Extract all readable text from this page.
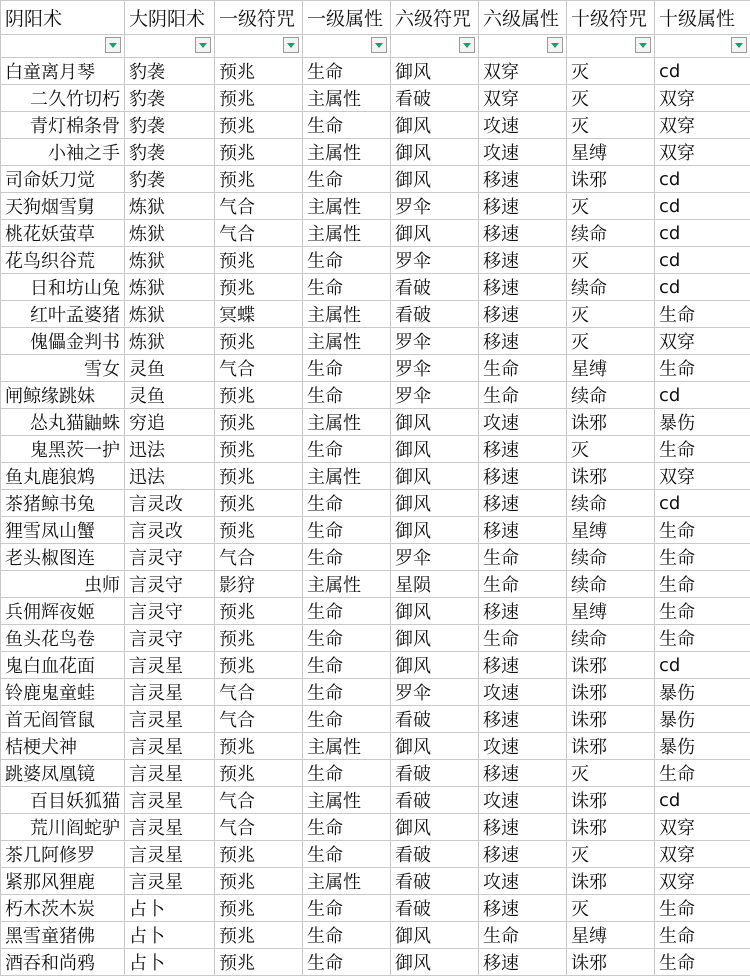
阴阳术	大阴阳术	一级符咒	一级属性	六级符咒	六级属性	十级符咒	十级属性

白童离月琴	豹袭	预兆	生命	御风	双穿	灭	cd
二久竹切朽	豹袭	预兆	主属性	看破	双穿	灭	双穿
青灯棉条骨	豹袭	预兆	生命	御风	攻速	灭	双穿
小袖之手	豹袭	预兆	主属性	御风	攻速	星缚	双穿
司命妖刀觉	豹袭	预兆	生命	御风	移速	诛邪	cd
天狗烟雪舅	炼狱	气合	主属性	罗伞	移速	灭	cd
桃花妖萤草	炼狱	气合	主属性	御风	移速	续命	cd
花鸟织谷荒	炼狱	预兆	生命	罗伞	移速	灭	cd
日和坊山兔	炼狱	预兆	生命	看破	移速	续命	cd
红叶孟婆猪	炼狱	冥蝶	主属性	看破	移速	灭	生命
傀儡金判书	炼狱	预兆	主属性	罗伞	移速	灭	双穿
雪女	灵鱼	气合	生命	罗伞	生命	星缚	生命
闸鲸缘跳妹	灵鱼	预兆	生命	罗伞	生命	续命	cd
怂丸猫鼬蛛	穷追	预兆	主属性	御风	攻速	诛邪	暴伤
鬼黑茨一护	迅法	预兆	生命	御风	移速	灭	生命
鱼丸鹿狼鸩	迅法	预兆	主属性	御风	移速	诛邪	双穿
茶猪鲸书兔	言灵改	预兆	生命	御风	移速	续命	cd
狸雪凤山蟹	言灵改	预兆	生命	御风	移速	星缚	生命
老头椒图连	言灵守	气合	生命	罗伞	生命	续命	生命
虫师	言灵守	影狩	主属性	星陨	生命	续命	生命
兵佣辉夜姬	言灵守	预兆	生命	御风	移速	星缚	生命
鱼头花鸟卷	言灵守	预兆	生命	御风	生命	续命	生命
鬼白血花面	言灵星	预兆	生命	御风	移速	诛邪	cd
铃鹿鬼童蛙	言灵星	气合	生命	罗伞	攻速	诛邪	暴伤
首无阎管鼠	言灵星	气合	生命	看破	移速	诛邪	暴伤
桔梗犬神	言灵星	预兆	主属性	御风	攻速	诛邪	暴伤
跳婆凤凰镜	言灵星	预兆	生命	看破	移速	灭	生命
百目妖狐猫	言灵星	气合	主属性	看破	攻速	诛邪	cd
荒川阎蛇驴	言灵星	气合	生命	御风	移速	诛邪	双穿
茶几阿修罗	言灵星	预兆	生命	看破	移速	灭	双穿
紧那风狸鹿	言灵星	预兆	主属性	看破	攻速	诛邪	双穿
朽木茨木炭	占卜	预兆	生命	看破	移速	灭	生命
黑雪童猪佛	占卜	预兆	生命	御风	生命	星缚	生命
酒吞和尚鸦	占卜	预兆	生命	御风	移速	诛邪	生命
